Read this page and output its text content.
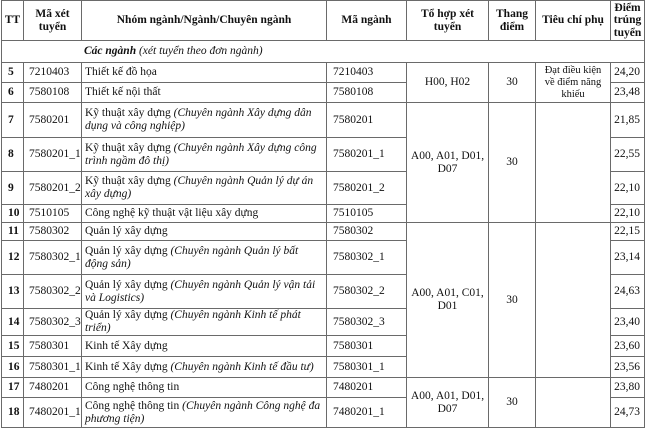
TT	Mã xét tuyển	Nhóm ngành/Ngành/Chuyên ngành	Mã ngành	Tổ hợp xét tuyển	Thang điểm	Tiêu chí phụ	Điểm trúng tuyển
Các ngành (xét tuyển theo đơn ngành)							
5	7210403	Thiết kế đồ họa	7210403	H00, H02	30	Đạt điều kiện về điểm năng khiếu	24,20
6	7580108	Thiết kế nội thất	7580108				23,48
7	7580201	Kỹ thuật xây dựng (Chuyên ngành Xây dựng dân dụng và công nghiệp)	7580201	A00, A01, D01, D07	30		21,85
8	7580201_1	Kỹ thuật xây dựng (Chuyên ngành Xây dựng công trình ngầm đô thị)	7580201_1				22,55
9	7580201_2	Kỹ thuật xây dựng (Chuyên ngành Quản lý dự án xây dựng)	7580201_2				22,10
10	7510105	Công nghệ kỹ thuật vật liệu xây dựng	7510105				22,10
11	7580302	Quản lý xây dựng	7580302	A00, A01, C01, D01	30		22,15
12	7580302_1	Quản lý xây dựng (Chuyên ngành Quản lý bất động sản)	7580302_1				23,14
13	7580302_2	Quản lý xây dựng (Chuyên ngành Quản lý vận tải và Logistics)	7580302_2				24,63
14	7580302_3	Quản lý xây dựng (Chuyên ngành Kinh tế phát triển)	7580302_3				23,40
15	7580301	Kinh tế Xây dựng	7580301				23,60
16	7580301_1	Kinh tế Xây dựng (Chuyên ngành Kinh tế đầu tư)	7580301_1				23,56
17	7480201	Công nghệ thông tin	7480201	A00, A01, D01, D07	30		23,80
18	7480201_1	Công nghệ thông tin (Chuyên ngành Công nghệ đa phương tiện)	7480201_1				24,73
